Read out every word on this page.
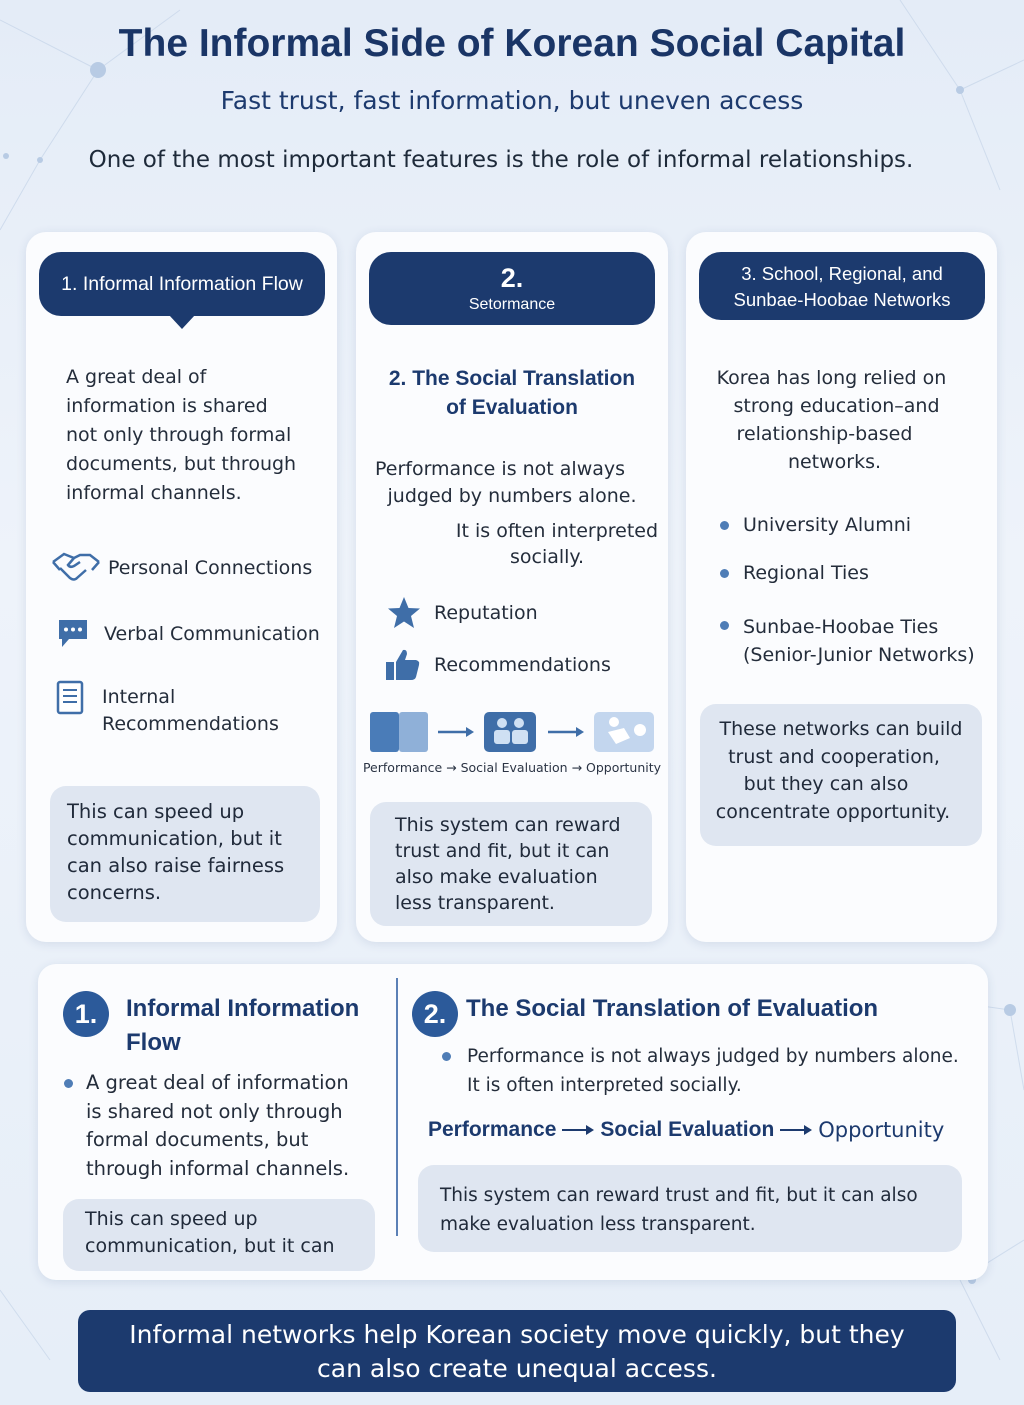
The Informal Side of Korean Social Capital
Fast trust, fast information, but uneven access
One of the most important features is the role of informal relationships.
1. Informal Information Flow
A great deal of
information is shared
not only through formal
documents, but through
informal channels.
Personal Connections
Verbal Communication
Internal
Recommendations
This can speed up
communication, but it
can also raise fairness
concerns.
2.
Setormance
2. The Social Translation
of Evaluation
Performance is not always
judged by numbers alone.
It is often interpreted
socially.
Reputation
Recommendations
Performance → Social Evaluation → Opportunity
This system can reward
trust and fit, but it can
also make evaluation
less transparent.
3. School, Regional, and
Sunbae-Hoobae Networks
Korea has long relied on
strong education–and
relationship-based
networks.
University Alumni
Regional Ties
Sunbae-Hoobae Ties
(Senior-Junior Networks)
These networks can build
trust and cooperation,
but they can also
concentrate opportunity.
1.	Informal Information
Flow
A great deal of information
is shared not only through
formal documents, but
through informal channels.
This can speed up
communication, but it can
2. The Social Translation of Evaluation
Performance is not always judged by numbers alone.
It is often interpreted socially.
Performance Social Evaluation Opportunity
This system can reward trust and fit, but it can also
make evaluation less transparent.
Informal networks help Korean society move quickly, but they
can also create unequal access.
